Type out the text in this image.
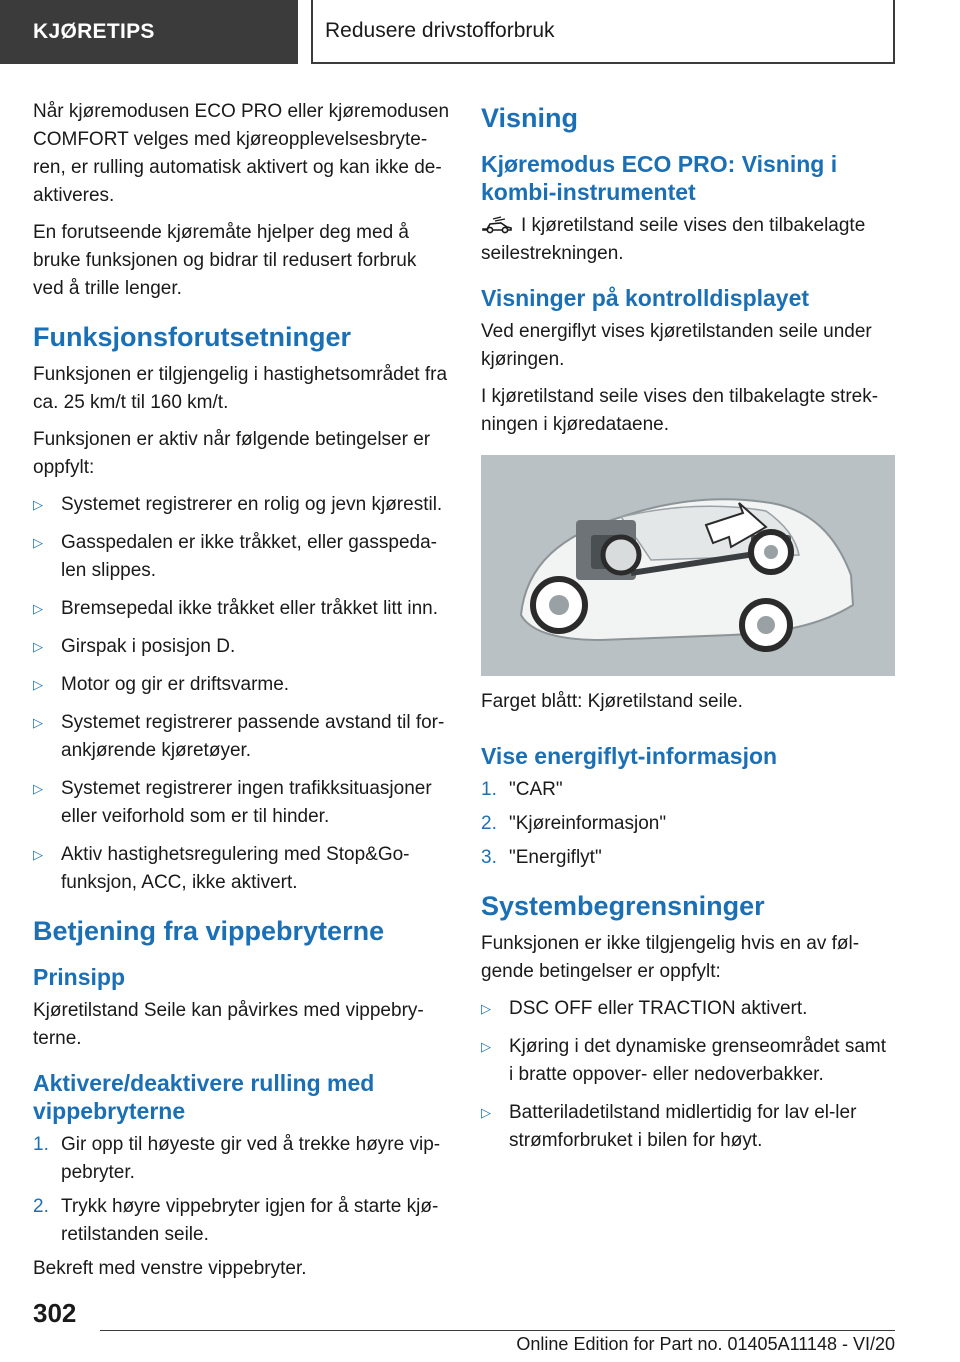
KJØRETIPS	Redusere drivstofforbruk

Når kjøremodusen ECO PRO eller kjøremodusen COMFORT velges med kjøreopplevelsesbryteren, er rulling automatisk aktivert og kan ikke deaktiveres.

En forutseende kjøremåte hjelper deg med å bruke funksjonen og bidrar til redusert forbruk ved å trille lenger.

Funksjonsforutsetninger

Funksjonen er tilgjengelig i hastighetsområdet fra ca. 25 km/t til 160 km/t.

Funksjonen er aktiv når følgende betingelser er oppfylt:

▷ Systemet registrerer en rolig og jevn kjørestil.
▷ Gasspedalen er ikke tråkket, eller gasspedalen slippes.
▷ Bremsepedal ikke tråkket eller tråkket litt inn.
▷ Girspak i posisjon D.
▷ Motor og gir er driftsvarme.
▷ Systemet registrerer passende avstand til forankjørende kjøretøyer.
▷ Systemet registrerer ingen trafikksituasjoner eller veiforhold som er til hinder.
▷ Aktiv hastighetsregulering med Stop&Go-funksjon, ACC, ikke aktivert.
Betjening fra vippebryterne
Prinsipp

Kjøretilstand Seile kan påvirkes med vippebryterne.

Aktivere/deaktivere rulling med vippebryterne
1. Gir opp til høyeste gir ved å trekke høyre vippebryter.
2. Trykk høyre vippebryter igjen for å starte kjøretilstanden seile.

Bekreft med venstre vippebryter.

Visning
Kjøremodus ECO PRO: Visning i kombi-instrumentet

I kjøretilstand seile vises den tilbakelagte seilestrekningen.

Visninger på kontrolldisplayet

Ved energiflyt vises kjøretilstanden seile under kjøringen.

I kjøretilstand seile vises den tilbakelagte strekningen i kjøredataene.

Farget blått: Kjøretilstand seile.

Vise energiflyt-informasjon
1. "CAR"
2. "Kjøreinformasjon"
3. "Energiflyt"
Systembegrensninger

Funksjonen er ikke tilgjengelig hvis en av følgende betingelser er oppfylt:

▷ DSC OFF eller TRACTION aktivert.
▷ Kjøring i det dynamiske grenseområdet samt i bratte oppover- eller nedoverbakker.
▷ Batteriladetilstand midlertidig for lav el-ler strømforbruket i bilen for høyt.
302
Online Edition for Part no. 01405A11148 - VI/20
